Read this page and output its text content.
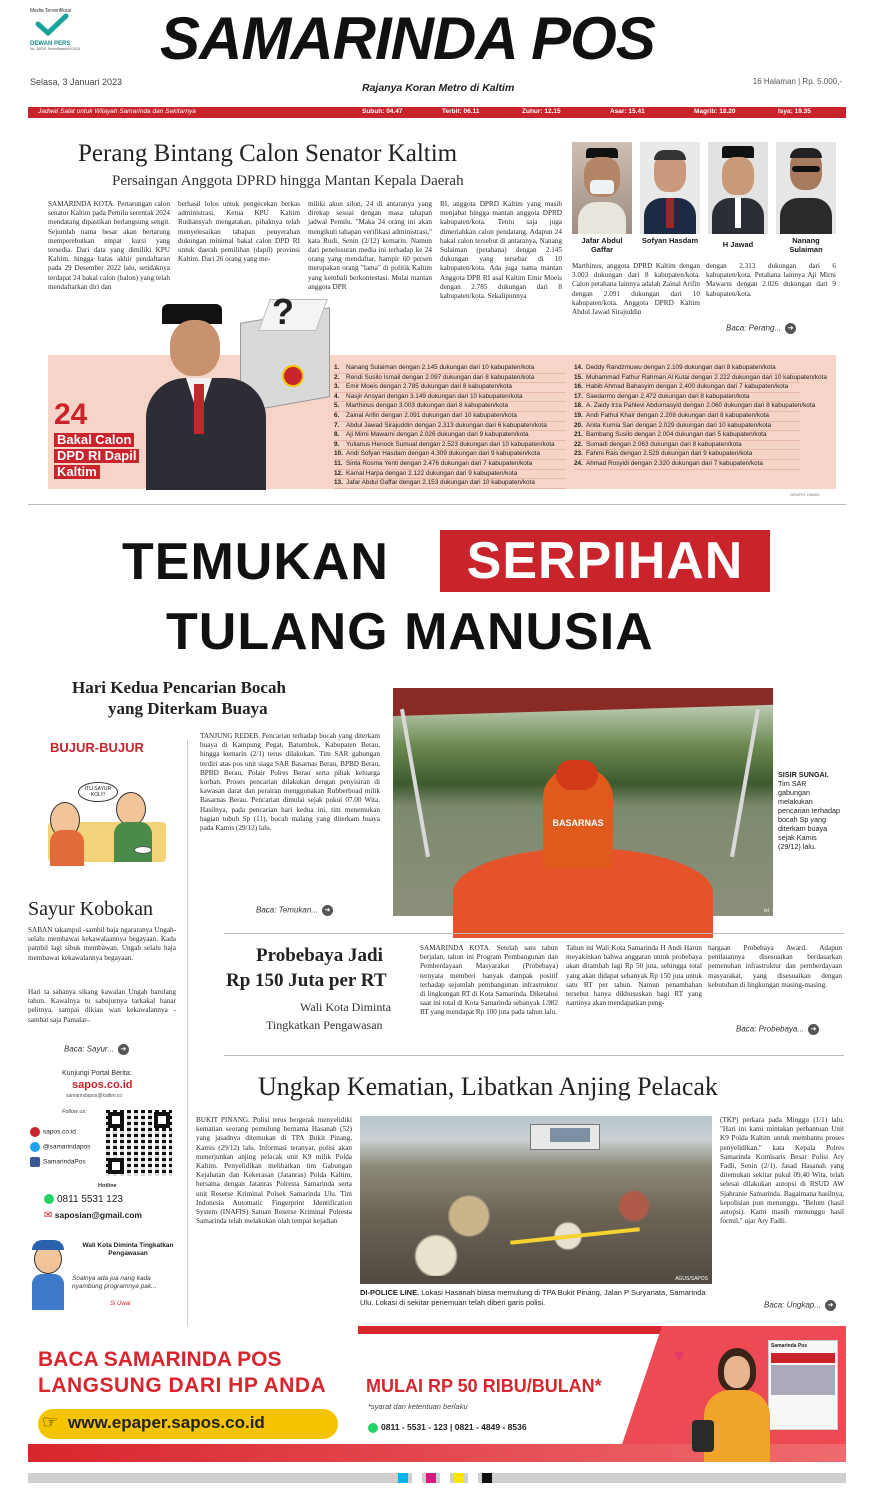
Media Terverifikasi
DEWAN PERS
No. 36/DP-Terverifikasi/K/I/2018	SAMARINDA POS
Rajanya Koran Metro di Kaltim
Selasa, 3 Januari 2023	16 Halaman | Rp. 5.000,-
Jadwal Salat untuk Wilayah Samarinda dan Sekitarnya	Subuh: 04.47	Terbit: 06.11	Zuhur: 12.15	Asar: 15.41	Magrib: 18.20	Isya: 19.35
Perang Bintang Calon Senator Kaltim
Persaingan Anggota DPRD hingga Mantan Kepala Daerah
SAMARINDA KOTA. Pertarungan calon senator Kaltim pada Pemilu serentak 2024 mendatang dipastikan berlangsung sengit. Sejumlah nama besar akan bertarung memperebutkan empat kursi yang tersedia. Dari data yang dimiliki KPU Kaltim, hingga batas akhir pendaftaran pada 29 Desember 2022 lalu, setidaknya terdapat 24 bakal calon (balon) yang telah mendaftarkan diri dan
berhasil lolos untuk pengecekan berkas administrasi. Ketua KPU Kaltim Rudiansyah mengatakan, pihaknya telah menyelesaikan tahapan penyerahan dukungan minimal bakal calon DPD RI untuk daerah pemilihan (dapil) provinsi Kaltim. Dari 26 orang yang me-
miliki akun silon, 24 di antaranya yang direkap sesuai dengan masa tahapan jadwal Pemilu. "Maka 24 orang ini akan mengikuti tahapan verifikasi administrasi," kata Rudi, Senin (2/12) kemarin. Namun dari penelusuran media ini terhadap ke 24 orang yang mendaftar, hampir 60 persen merupakan orang "lama" di politik Kaltim yang kembali berkontestasi. Mulai mantan anggota DPR
RI, anggota DPRD Kaltim yang masih menjabat hingga mantan anggota DPRD kabupaten/kota. Tentu saja juga dimeriahkan calon pendatang. Adapun 24 bakal calon tersebut di antaranya, Nanang Sulaiman (petahana) dengan 2.145 dukungan yang tersebar di 10 kabupaten/kota. Ada juga nama mantan Anggota DPR RI asal Kaltim Emir Moeis dengan 2.785 dukungan dari 8 kabupaten/kota. Sekalipunnya
Jafar Abdul Gaffar
Sofyan Hasdam	H Jawad	Nanang Sulaiman
Marthinus, anggota DPRD Kaltim dengan 3.003 dukungan dari 8 kabupaten/kota. Calon petahana lainnya adalah Zainal Arifin dengan 2.091 dukungan dari 10 kabupaten/kota. Anggota DPRD Kaltim Abdul Jawad Sirajuddin
dengan 2.313 dukungan dari 6 kabupaten/kota. Petahana lainnya Aji Mirni Mawarni dengan 2.026 dukungan dari 9 kabupaten/kota.
Baca: Perang... ➜
?
24
Bakal Calon
DPD RI Dapil
Kaltim
1. Nanang Sulaiman dengan 2.145 dukungan dari 10 kabupaten/kota
2. Rendi Susilo Ismail dengan 2.097 dukungan dari 8 kabupaten/kota
3. Emir Moeis dengan 2.785 dukungan dari 8 kabupaten/kota
4. Nasjir Ansyari dengan 3.149 dukungan dari 10 kabupaten/kota
5. Marthinus dengan 3.003 dukungan dari 8 kabupaten/kota
6. Zainal Arifin dengan 2.091 dukungan dari 10 kabupaten/kota
7. Abdul Jawad Sirajuddin dengan 2.313 dukungan dari 6 kabupaten/kota
8. Aji Mirni Mawarni dengan 2.026 dukungan dari 9 kabupaten/kota
9. Yulianus Henock Sumual dengan 2.523 dukungan dari 10 kabupaten/kota
10. Andi Sofyan Hasdam dengan 4.309 dukungan dari 9 kabupaten/kota
11. Sinta Rosma Yenti dengan 2.476 dukungan dari 7 kabupaten/kota
12. Kamal Harpa dengan 2.122 dukungan dari 9 kabupaten/kota
13. Jafar Abdul Gaffar dengan 2.153 dukungan dari 10 kabupaten/kota
14. Deddy Randzmuwu dengan 2.109 dukungan dari 8 kabupaten/kota
15. Muhammad Fathur Rahman Al Kutai dengan 2.222 dukungan dari 10 kabupaten/kota
16. Habib Ahmad Bahasyim dengan 2.400 dukungan dari 7 kabupaten/kota
17. Saedarmo dengan 2.472 dukungan dari 8 kabupaten/kota
18. A. Zaidy Irza Pahlevi Abdumasyid dengan 2.060 dukungan dari 8 kabupaten/kota
19. Andi Fathul Khair dengan 2.208 dukungan dari 8 kabupaten/kota
20. Anita Kumia Sari dengan 2.029 dukungan dari 10 kabupaten/kota
21. Bambang Susilo dengan 2.004 dukungan dari 5 kabupaten/kota
22. Sumadi dengan 2.063 dukungan dari 8 kabupaten/kota
23. Fahmi Rais dengan 2.529 dukungan dari 9 kabupaten/kota
24. Ahmad Rosyidi dengan 2.320 dukungan dari 7 kabupaten/kota
GRAFIS: DIMAS
TEMUKAN	SERPIHAN
TULANG MANUSIA
Hari Kedua Pencarian Bocah
yang Diterkam Buaya
TANJUNG REDEB. Pencarian terhadap bocah yang diterkam buaya di Kampung Pegat, Batumbuk, Kabupaten Berau, hingga kemarin (2/1) terus dilakukan. Tim SAR gabungan terdiri atas pos unit siaga SAR Basarnas Berau, BPBD Berau, BPBD Berau, Polair Polres Berau serta pihak keluarga korban. Proses pencarian dilakukan dengan penyisiran di kawasan darat dan perairan menggunakan Rubberboad milik Basarnas Berau. Pencarian dimulai sejak pukul 07.00 Wita. Hasilnya, pada pencarian hari kedua ini, tim menemukan bagian tubuh Sp (11), bocah malang yang diterkam buaya pada Kamis (29/12) lalu.
Baca: Temukan... ➜
BASARNAS
ist
SISIR SUNGAI. Tim SAR gabungan melakukan pencarian terhadap bocah Sp yang diterkam buaya sejak Kamis (29/12) lalu.
BUJUR-BUJUR
ITU SAYUR KOL!!!
Sayur Kobokan
SABAN takampul -sambil baja ngararanya Ungah- selalu membawai kekawalaannya begayaan. Kada pambil lagi sibuk membawan. Ungah selalu haja membawai kekawalannya begayaan.
Hari ta sahanya sikang kawalan Ungah barulang tahun. Kawalnya tu sabujurnya tarkakal banar pelitnya, sampai dikiau wan kekawalannya -sambat saja Pamalar-.
Baca: Sayur... ➜
Kunjungi Portal Berita:
sapos.co.id
samarindapos@kaltim.co
Follow us:
sapos.co.id
@samarindapos
SamarindaPos
Hotline
0811 5531 123
✉ saposian@gmail.com
Wali Kota Diminta Tingkatkan Pengawasan
Soalnya ada jua nang kada nyambung programnya pak...
Si Uwai
Probebaya Jadi
Rp 150 Juta per RT
Wali Kota Diminta
Tingkatkan Pengawasan
SAMARINDA KOTA. Setelah satu tahun berjalan, tahun ini Program Pembangunan dan Pemberdayaan Masyarakat (Probebaya) ternyata memberi banyak dampak positif terhadap sejumlah pembangunan infrastruktur di lingkungan RT di Kota Samarinda. Diketahui saat ini total di Kota Samarinda sebanyak 1.982 RT yang mendapat Rp 100 juta pada tahun lalu.
Tahun ini Wali Kota Samarinda H Andi Harun meyakinkan bahwa anggaran untuk probebaya akan ditambah lagi Rp 50 juta, sehingga total yang akan didapat sebanyak Rp 150 juta untuk satu RT per tahun. Namun penambahan tersebut hanya dikhususkan bagi RT yang nantinya akan mendapatkan peng-
hargaan Probebaya Award. Adapun penilaiannya disesuaikan berdasarkan pemenuhan infrastruktur dan pemberdayaan masyarakat, yang disesuaikan dengan kebutuhan di lingkungan masing-masing.
Baca: Probebaya... ➜
Ungkap Kematian, Libatkan Anjing Pelacak
BUKIT PINANG. Polisi terus bergerak menyelidiki kematian seorang pemulung bernama Hasanah (52) yang jasadnya ditemukan di TPA Bukit Pinang, Kamis (29/12) lalu. Informasi teranyar, polisi akan menerjunkan anjing pelacak unit K9 milik Polda Kaltim. Penyelidikan melibatkan tim Gabungan Kejahatan dan Kekerasan (Jatanras) Polda Kaltim, bersama dengan Jatanras Polresta Samarinda serta unit Reserse Kriminal Polsek Samarinda Ulu. Tim Indonesia Automatic Fingerprint Identification System (INAFIS) Satuan Reserse Kriminal Polresta Samarinda telah melakukan olah tempat kejadian
AGUS/SAPOS
DI-POLICE LINE. Lokasi Hasanah biasa memulung di TPA Bukit Pinang, Jalan P Suryanata, Samarinda Ulu. Lokasi di sekitar penemuan telah diberi garis polisi.
(TKP) perkara pada Minggu (1/1) lalu. "Hari ini kami mintakan perbantuan Unit K9 Polda Kaltim untuk membantu proses penyelidikan," kata Kepala Polres Samarinda Komisaris Besar Polisi Ary Fadli, Senin (2/1). Jasad Hasanah yang ditemukan sekitar pukul 09.40 Wita, telah selesai dilakukan autopsi di RSUD AW Sjahranie Samarinda. Bagaimana hasilnya, kepolisian pun menunggu. "Belum (hasil autopsi). Kami masih menunggu hasil formil," ujar Ary Fadli.
Baca: Ungkap... ➜
BACA SAMARINDA POS
LANGSUNG DARI HP ANDA
www.epaper.sapos.co.id
☞
MULAI RP 50 RIBU/BULAN*
*syarat dan ketentuan berlaku
0811 - 5531 - 123 | 0821 - 4849 - 8536
Samarinda Pos
♥
